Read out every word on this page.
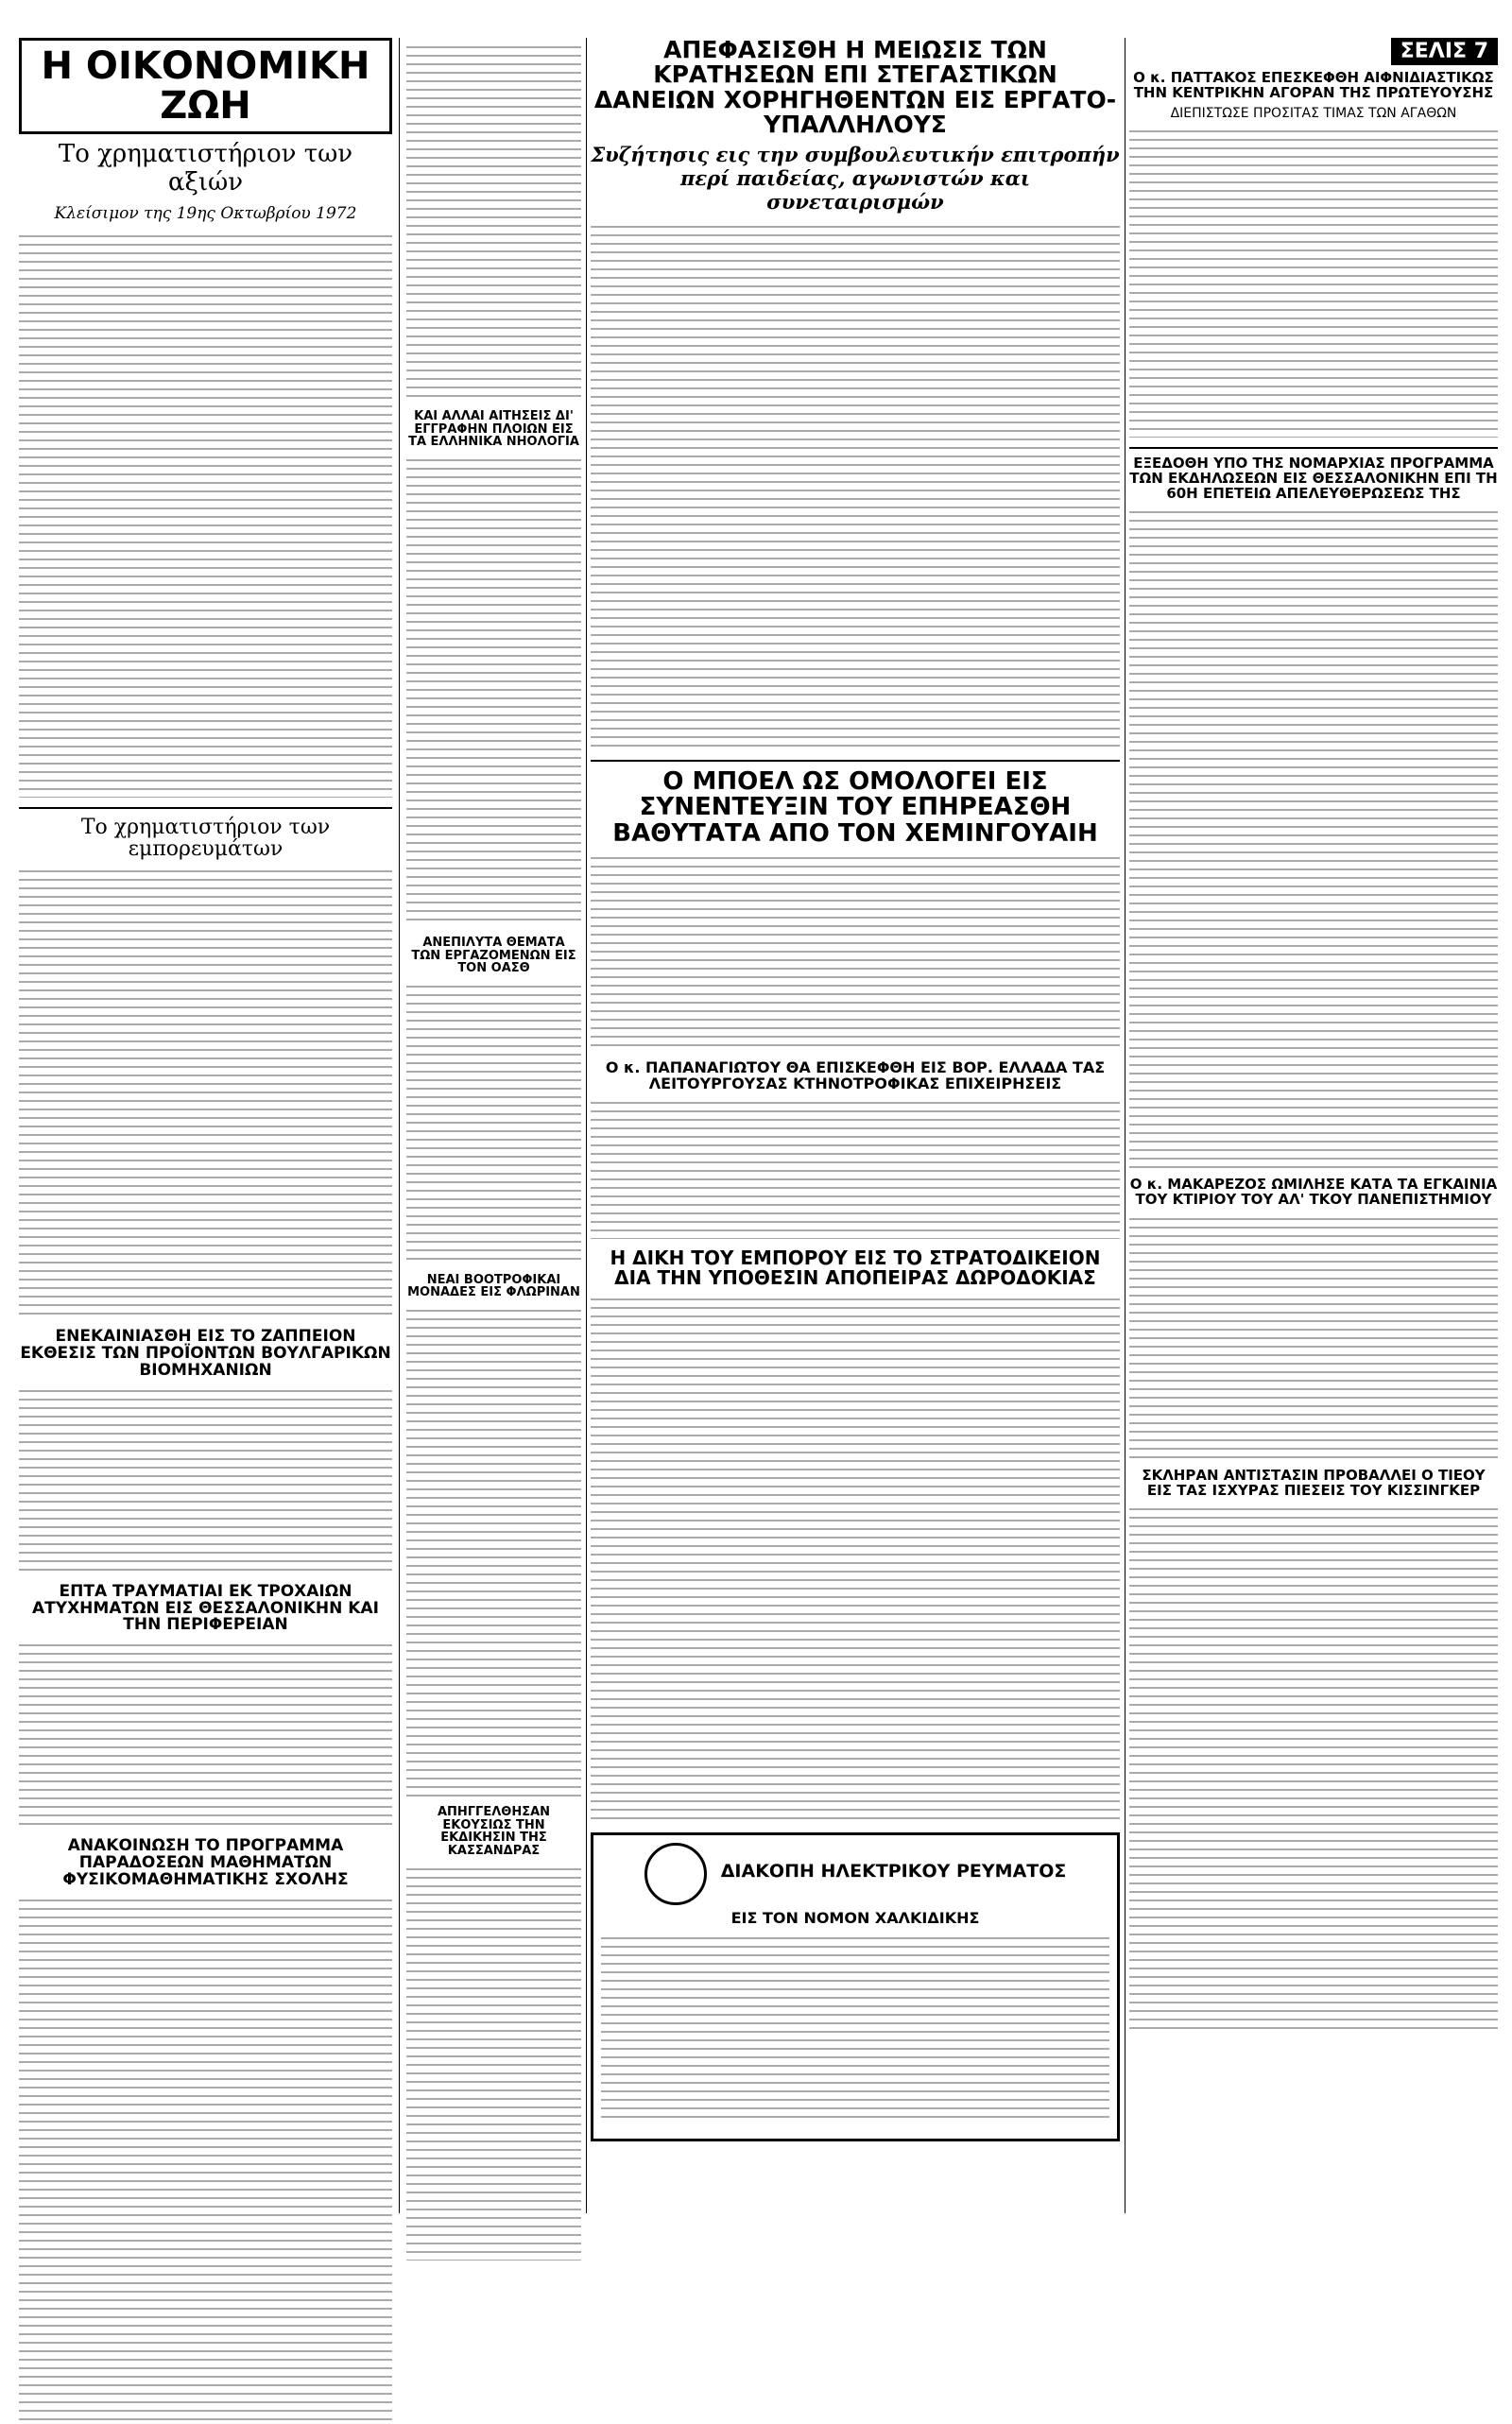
Η ΟΙΚΟΝΟΜΙΚΗ ΖΩΗ
Το χρηματιστήριον των αξιών
Κλείσιμον της 19ης Οκτωβρίου 1972
Το χρηματιστήριον των εμπορευμάτων
ΕΝΕΚΑΙΝΙΑΣΘΗ ΕΙΣ ΤΟ ΖΑΠΠΕΙΟΝ ΕΚΘΕΣΙΣ ΤΩΝ ΠΡΟΪΟΝΤΩΝ ΒΟΥΛΓΑΡΙΚΩΝ ΒΙΟΜΗΧΑΝΙΩΝ
ΕΠΤΑ ΤΡΑΥΜΑΤΙΑΙ ΕΚ ΤΡΟΧΑΙΩΝ ΑΤΥΧΗΜΑΤΩΝ ΕΙΣ ΘΕΣΣΑΛΟΝΙΚΗΝ ΚΑΙ ΤΗΝ ΠΕΡΙΦΕΡΕΙΑΝ
ΑΝΑΚΟΙΝΩΣΗ ΤΟ ΠΡΟΓΡΑΜΜΑ ΠΑΡΑΔΟΣΕΩΝ ΜΑΘΗΜΑΤΩΝ ΦΥΣΙΚΟΜΑΘΗΜΑΤΙΚΗΣ ΣΧΟΛΗΣ
ΚΑΙ ΑΛΛΑΙ ΑΙΤΗΣΕΙΣ ΔΙ' ΕΓΓΡΑΦΗΝ ΠΛΟΙΩΝ ΕΙΣ ΤΑ ΕΛΛΗΝΙΚΑ ΝΗΟΛΟΓΙΑ
ΑΝΕΠΙΛΥΤΑ ΘΕΜΑΤΑ ΤΩΝ ΕΡΓΑΖΟΜΕΝΩΝ ΕΙΣ ΤΟΝ ΟΑΣΘ
ΝΕΑΙ ΒΟΟΤΡΟΦΙΚΑΙ ΜΟΝΑΔΕΣ ΕΙΣ ΦΛΩΡΙΝΑΝ
ΑΠΗΓΓΕΛΘΗΣΑΝ ΕΚΟΥΣΙΩΣ ΤΗΝ ΕΚΔΙΚΗΣΙΝ ΤΗΣ ΚΑΣΣΑΝΔΡΑΣ
ΑΠΕΦΑΣΙΣΘΗ Η ΜΕΙΩΣΙΣ ΤΩΝ ΚΡΑΤΗΣΕΩΝ ΕΠΙ ΣΤΕΓΑΣΤΙΚΩΝ ΔΑΝΕΙΩΝ ΧΟΡΗΓΗΘΕΝΤΩΝ ΕΙΣ ΕΡΓΑΤΟ-ΥΠΑΛΛΗΛΟΥΣ
Συζήτησις εις την συμβουλευτικήν επιτροπήν περί παιδείας, αγωνιστών και συνεταιρισμών
Ο ΜΠΟΕΛ ΩΣ ΟΜΟΛΟΓΕΙ ΕΙΣ ΣΥΝΕΝΤΕΥΞΙΝ ΤΟΥ ΕΠΗΡΕΑΣΘΗ ΒΑΘΥΤΑΤΑ ΑΠΟ ΤΟΝ ΧΕΜΙΝΓΟΥΑΙΗ
Ο κ. ΠΑΠΑΝΑΓΙΩΤΟΥ ΘΑ ΕΠΙΣΚΕΦΘΗ ΕΙΣ ΒΟΡ. ΕΛΛΑΔΑ ΤΑΣ ΛΕΙΤΟΥΡΓΟΥΣΑΣ ΚΤΗΝΟΤΡΟΦΙΚΑΣ ΕΠΙΧΕΙΡΗΣΕΙΣ
Η ΔΙΚΗ ΤΟΥ ΕΜΠΟΡΟΥ ΕΙΣ ΤΟ ΣΤΡΑΤΟΔΙΚΕΙΟΝ ΔΙΑ ΤΗΝ ΥΠΟΘΕΣΙΝ ΑΠΟΠΕΙΡΑΣ ΔΩΡΟΔΟΚΙΑΣ
ΔΙΑΚΟΠΗ ΗΛΕΚΤΡΙΚΟΥ ΡΕΥΜΑΤΟΣ
ΕΙΣ ΤΟΝ ΝΟΜΟΝ ΧΑΛΚΙΔΙΚΗΣ
ΣΕΛΙΣ 7
Ο κ. ΠΑΤΤΑΚΟΣ ΕΠΕΣΚΕΦΘΗ ΑΙΦΝΙΔΙΑΣΤΙΚΩΣ ΤΗΝ ΚΕΝΤΡΙΚΗΝ ΑΓΟΡΑΝ ΤΗΣ ΠΡΩΤΕΥΟΥΣΗΣ
ΔΙΕΠΙΣΤΩΣΕ ΠΡΟΣΙΤΑΣ ΤΙΜΑΣ ΤΩΝ ΑΓΑΘΩΝ
ΕΞΕΔΟΘΗ ΥΠΟ ΤΗΣ ΝΟΜΑΡΧΙΑΣ ΠΡΟΓΡΑΜΜΑ ΤΩΝ ΕΚΔΗΛΩΣΕΩΝ ΕΙΣ ΘΕΣΣΑΛΟΝΙΚΗΝ ΕΠΙ ΤΗ 60Η ΕΠΕΤΕΙΩ ΑΠΕΛΕΥΘΕΡΩΣΕΩΣ ΤΗΣ
Ο κ. ΜΑΚΑΡΕΖΟΣ ΩΜΙΛΗΣΕ ΚΑΤΑ ΤΑ ΕΓΚΑΙΝΙΑ ΤΟΥ ΚΤΙΡΙΟΥ ΤΟΥ ΑΛ' ΤΚΟΥ ΠΑΝΕΠΙΣΤΗΜΙΟΥ
ΣΚΛΗΡΑΝ ΑΝΤΙΣΤΑΣΙΝ ΠΡΟΒΑΛΛΕΙ Ο ΤΙΕΟΥ ΕΙΣ ΤΑΣ ΙΣΧΥΡΑΣ ΠΙΕΣΕΙΣ ΤΟΥ ΚΙΣΣΙΝΓΚΕΡ
